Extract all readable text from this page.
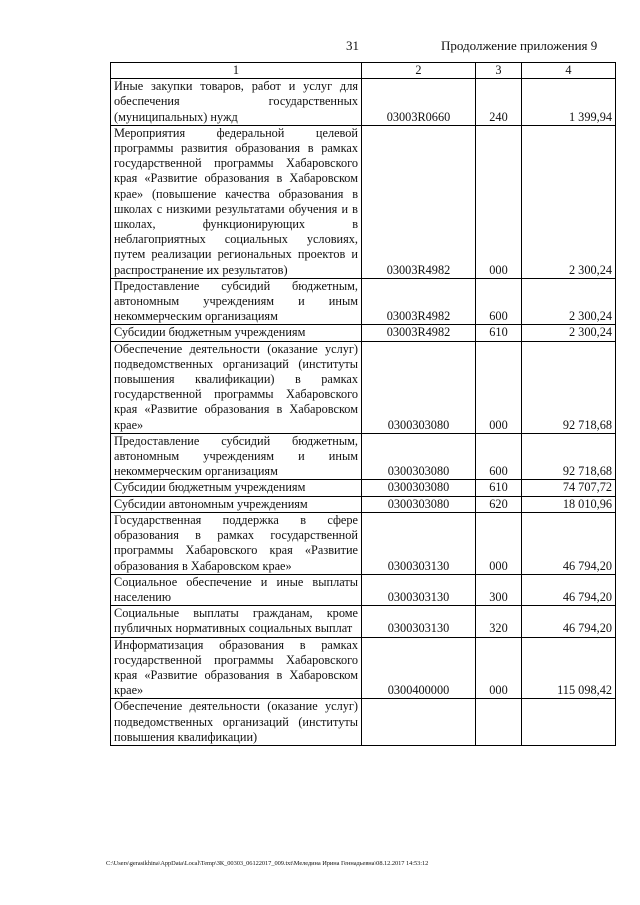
31	Продолжение приложения 9
1	2	3	4
Иные закупки товаров, работ и услуг для обеспечения государственных (муниципальных) нужд	03003R0660	240	1 399,94
Мероприятия федеральной целевой программы развития образования в рамках государственной программы Хабаровского края «Развитие образования в Хабаровском крае» (повышение качества образования в школах с низкими результатами обучения и в школах, функционирующих в неблагоприятных социальных условиях, путем реализации региональных проектов и распространение их результатов)	03003R4982	000	2 300,24
Предоставление субсидий бюджетным, автономным учреждениям и иным некоммерческим организациям	03003R4982	600	2 300,24
Субсидии бюджетным учреждениям	03003R4982	610	2 300,24
Обеспечение деятельности (оказание услуг) подведомственных организаций (институты повышения квалификации) в рамках государственной программы Хабаровского края «Развитие образования в Хабаровском крае»	0300303080	000	92 718,68
Предоставление субсидий бюджетным, автономным учреждениям и иным некоммерческим организациям	0300303080	600	92 718,68
Субсидии бюджетным учреждениям	0300303080	610	74 707,72
Субсидии автономным учреждениям	0300303080	620	18 010,96
Государственная поддержка в сфере образования в рамках государственной программы Хабаровского края «Развитие образования в Хабаровском крае»	0300303130	000	46 794,20
Социальное обеспечение и иные выплаты населению	0300303130	300	46 794,20
Социальные выплаты гражданам, кроме публичных нормативных социальных выплат	0300303130	320	46 794,20
Информатизация образования в рамках государственной программы Хабаровского края «Развитие образования в Хабаровском крае»	0300400000	000	115 098,42
Обеспечение деятельности (оказание услуг) подведомственных организаций (институты повышения квалификации)			
C:\Users\gerasikhina\AppData\Local\Temp\ЗК_00303_06122017_009.txt\Меледина Ирина Геннадьевна\08.12.2017 14:53:12
